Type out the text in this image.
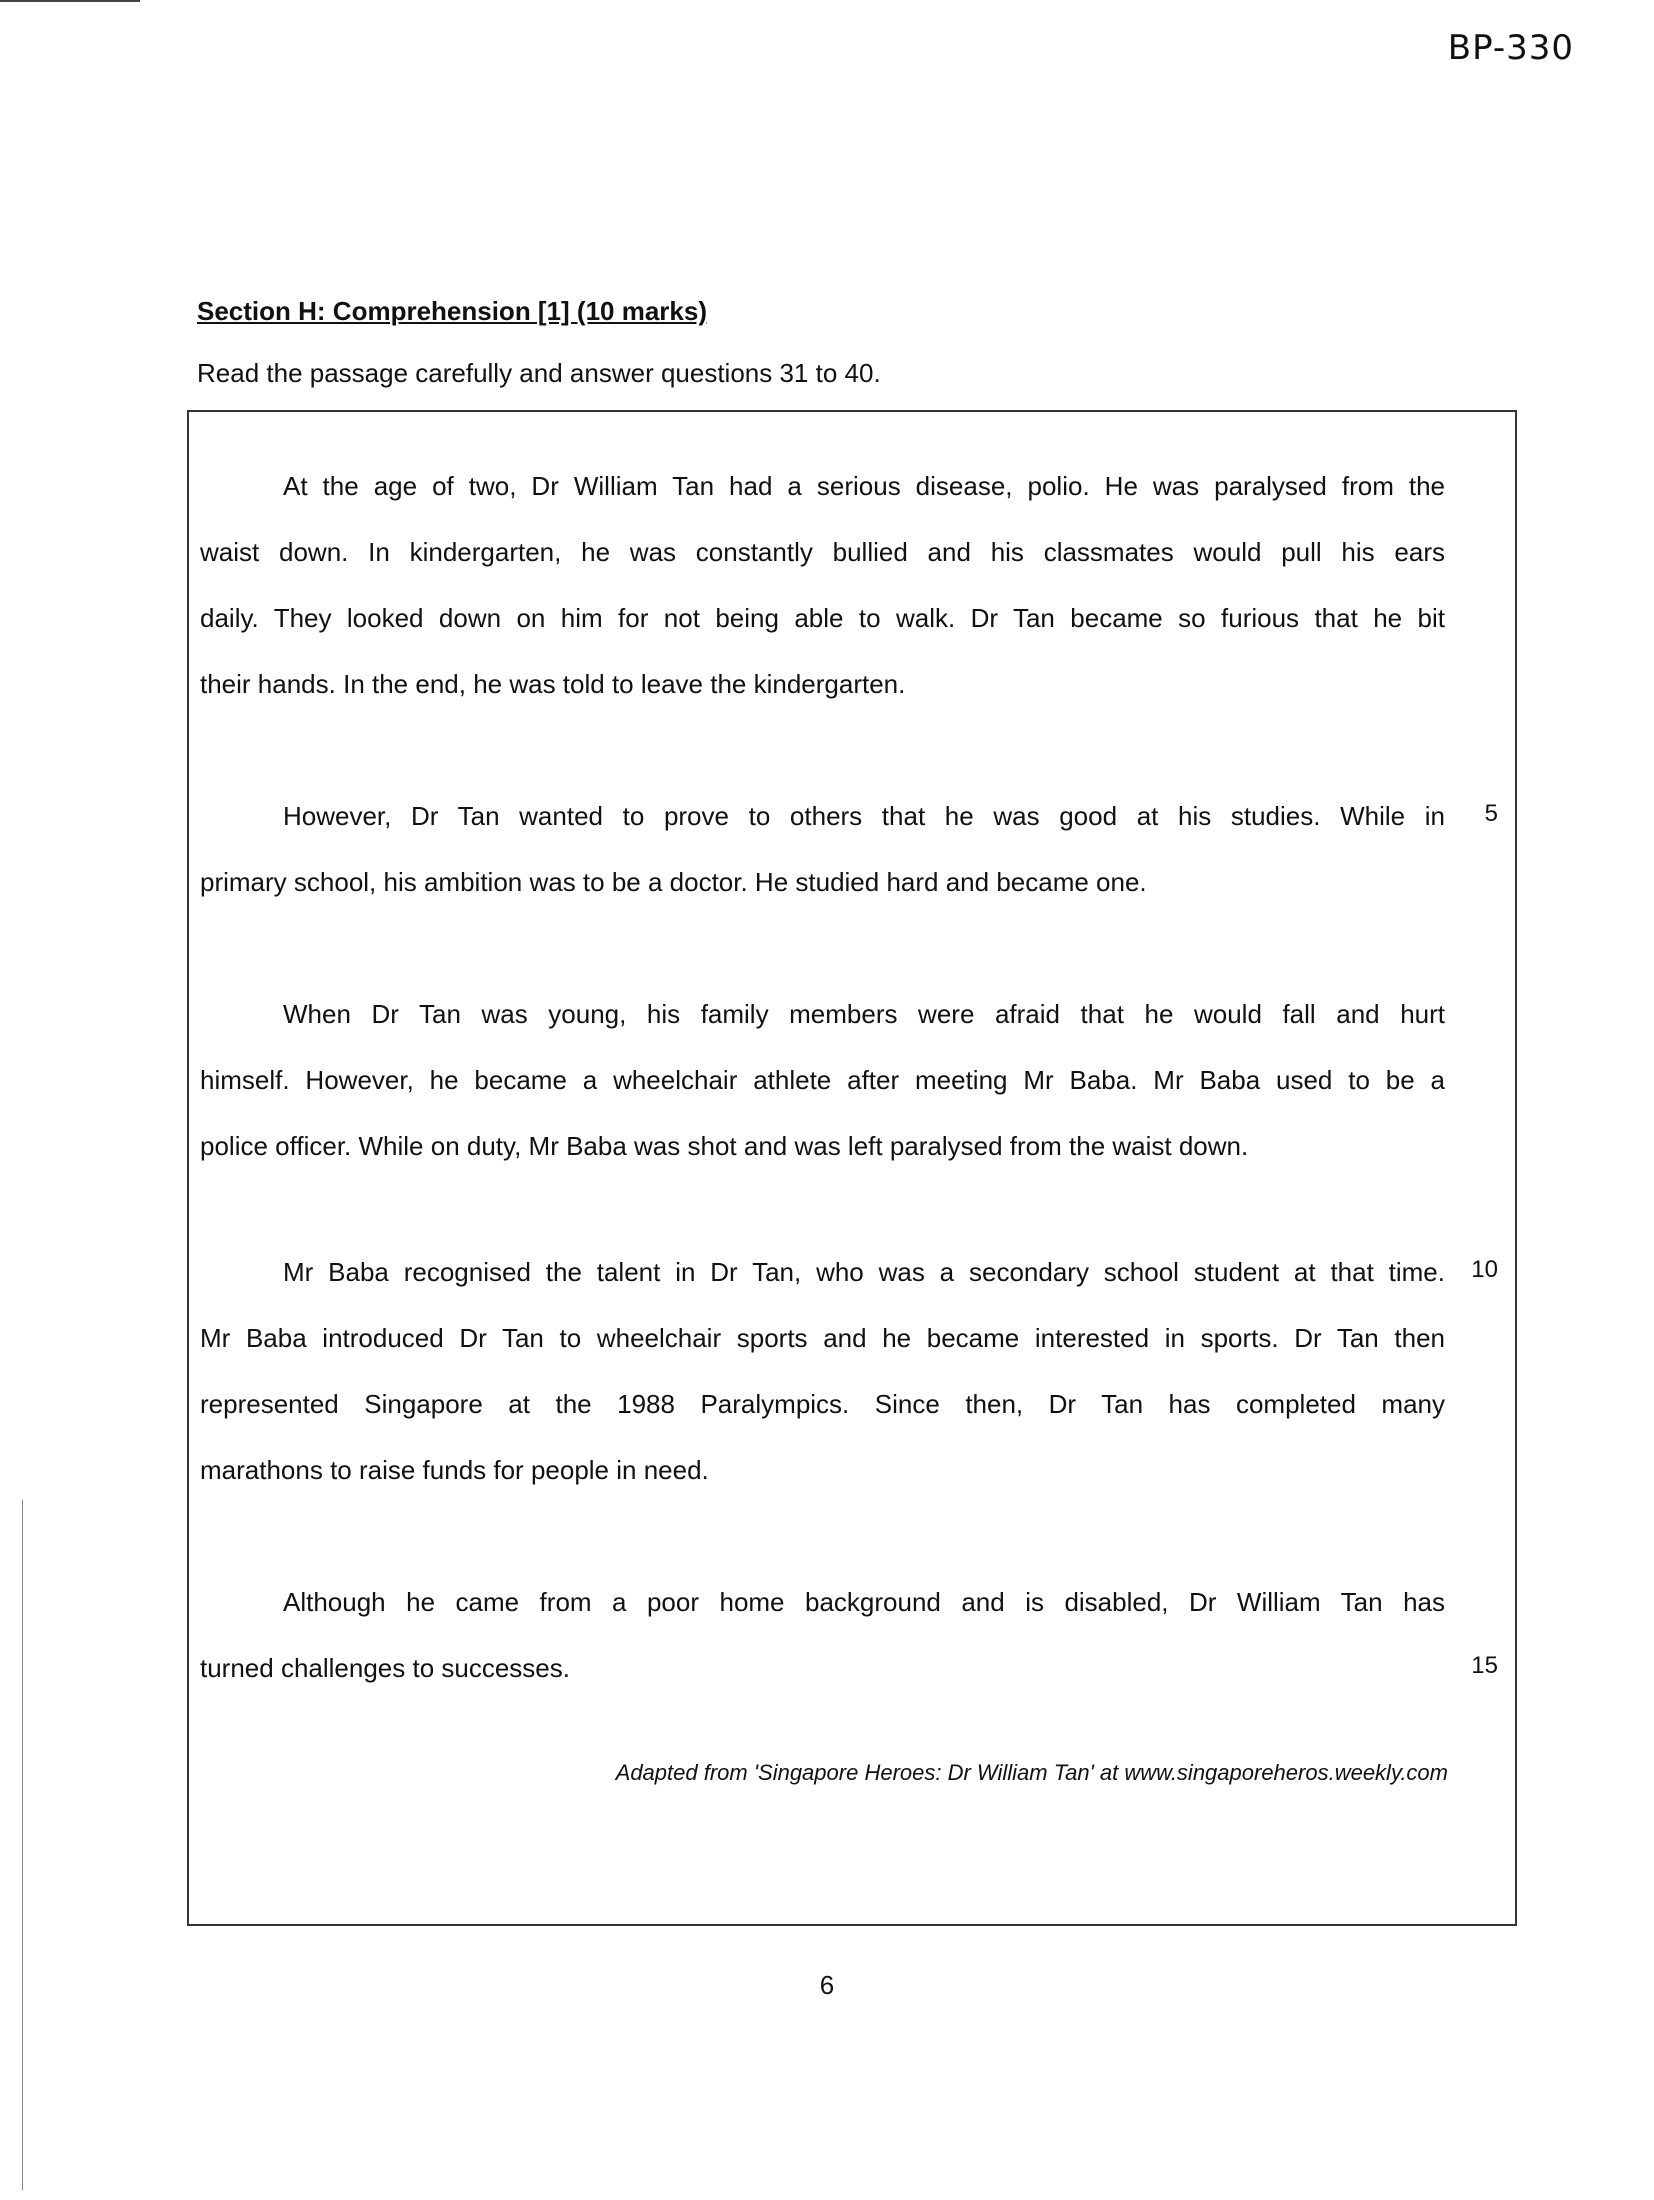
BP-330
Section H: Comprehension [1] (10 marks)
Read the passage carefully and answer questions 31 to 40.
At the age of two, Dr William Tan had a serious disease, polio. He was paralysed from the
waist down. In kindergarten, he was constantly bullied and his classmates would pull his ears
daily. They looked down on him for not being able to walk. Dr Tan became so furious that he bit
their hands. In the end, he was told to leave the kindergarten.
However, Dr Tan wanted to prove to others that he was good at his studies. While in	5
primary school, his ambition was to be a doctor. He studied hard and became one.
When Dr Tan was young, his family members were afraid that he would fall and hurt
himself. However, he became a wheelchair athlete after meeting Mr Baba. Mr Baba used to be a
police officer. While on duty, Mr Baba was shot and was left paralysed from the waist down.
Mr Baba recognised the talent in Dr Tan, who was a secondary school student at that time.	10
Mr Baba introduced Dr Tan to wheelchair sports and he became interested in sports. Dr Tan then
represented Singapore at the 1988 Paralympics. Since then, Dr Tan has completed many
marathons to raise funds for people in need.
Although he came from a poor home background and is disabled, Dr William Tan has
turned challenges to successes.	15
Adapted from 'Singapore Heroes: Dr William Tan' at www.singaporeheros.weekly.com
6
